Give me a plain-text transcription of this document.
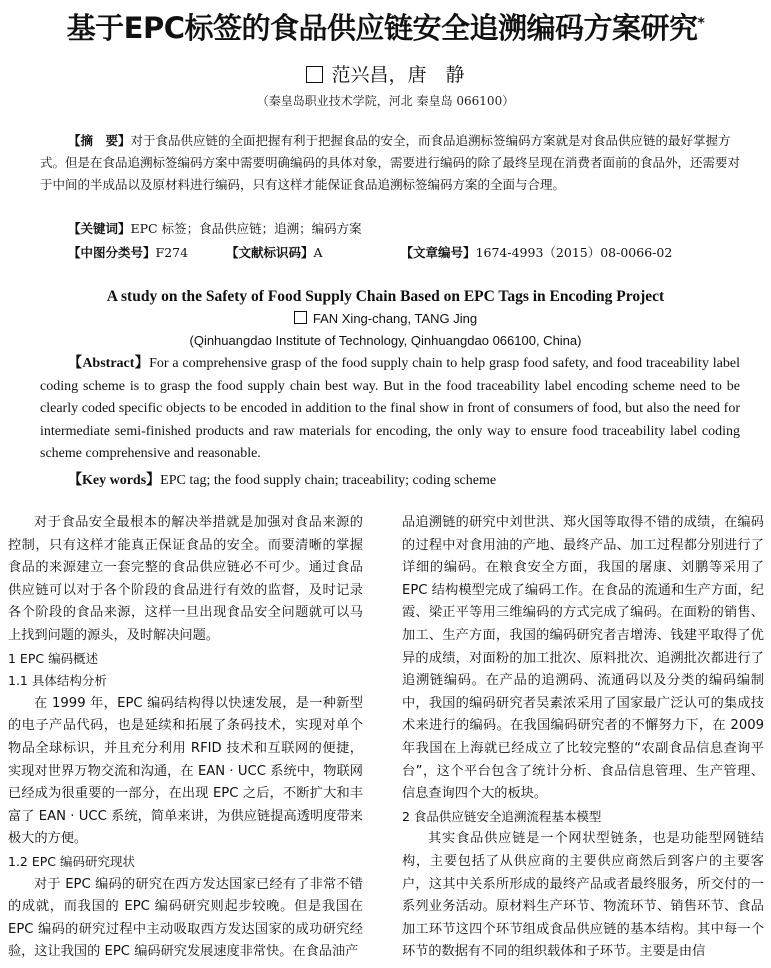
基于EPC标签的食品供应链安全追溯编码方案研究*
范兴昌，唐　静
（秦皇岛职业技术学院，河北 秦皇岛 066100）
【摘　要】对于食品供应链的全面把握有利于把握食品的安全，而食品追溯标签编码方案就是对食品供应链的最好掌握方式。但是在食品追溯标签编码方案中需要明确编码的具体对象，需要进行编码的除了最终呈现在消费者面前的食品外，还需要对于中间的半成品以及原材料进行编码，只有这样才能保证食品追溯标签编码方案的全面与合理。
【关键词】EPC 标签；食品供应链；追溯；编码方案
【中图分类号】F274	【文献标识码】A	【文章编号】1674-4993（2015）08-0066-02
A study on the Safety of Food Supply Chain Based on EPC Tags in Encoding Project
FAN Xing-chang, TANG Jing
(Qinhuangdao Institute of Technology, Qinhuangdao 066100, China)
【Abstract】For a comprehensive grasp of the food supply chain to help grasp food safety, and food traceability label coding scheme is to grasp the food supply chain best way. But in the food traceability label encoding scheme need to be clearly coded specific objects to be encoded in addition to the final show in front of consumers of food, but also the need for intermediate semi-finished products and raw materials for encoding, the only way to ensure food traceability label coding scheme comprehensive and reasonable.
【Key words】EPC tag; the food supply chain; traceability; coding scheme

对于食品安全最根本的解决举措就是加强对食品来源的控制，只有这样才能真正保证食品的安全。而要清晰的掌握食品的来源建立一套完整的食品供应链必不可少。通过食品供应链可以对于各个阶段的食品进行有效的监督，及时记录各个阶段的食品来源，这样一旦出现食品安全问题就可以马上找到问题的源头，及时解决问题。

1 EPC 编码概述

1.1 具体结构分析

在 1999 年，EPC 编码结构得以快速发展，是一种新型的电子产品代码，也是延续和拓展了条码技术，实现对单个物品全球标识，并且充分利用 RFID 技术和互联网的便捷，实现对世界万物交流和沟通，在 EAN · UCC 系统中，物联网已经成为很重要的一部分，在出现 EPC 之后，不断扩大和丰富了 EAN · UCC 系统，简单来讲，为供应链提高透明度带来极大的方便。

1.2 EPC 编码研究现状

对于 EPC 编码的研究在西方发达国家已经有了非常不错的成就，而我国的 EPC 编码研究则起步较晚。但是我国在 EPC 编码的研究过程中主动吸取西方发达国家的成功研究经验，这让我国的 EPC 编码研究发展速度非常快。在食品油产

品追溯链的研究中刘世洪、郑火国等取得不错的成绩，在编码的过程中对食用油的产地、最终产品、加工过程都分别进行了详细的编码。在粮食安全方面，我国的屠康、刘鹏等采用了 EPC 结构模型完成了编码工作。在食品的流通和生产方面，纪霞、梁正平等用三维编码的方式完成了编码。在面粉的销售、加工、生产方面，我国的编码研究者吉增涛、钱建平取得了优异的成绩，对面粉的加工批次、原料批次、追溯批次都进行了追溯链编码。在产品的追溯码、流通码以及分类的编码编制中，我国的编码研究者吴素浓采用了国家最广泛认可的集成技术来进行的编码。在我国编码研究者的不懈努力下，在 2009 年我国在上海就已经成立了比较完整的“农副食品信息查询平台”，这个平台包含了统计分析、食品信息管理、生产管理、信息查询四个大的板块。

2 食品供应链安全追溯流程基本模型

其实食品供应链是一个网状型链条，也是功能型网链结构，主要包括了从供应商的主要供应商然后到客户的主要客户，这其中关系所形成的最终产品或者最终服务，所交付的一系列业务活动。原材料生产环节、物流环节、销售环节、食品加工环节这四个环节组成食品供应链的基本结构。其中每一个环节的数据有不同的组织载体和子环节。主要是由信
